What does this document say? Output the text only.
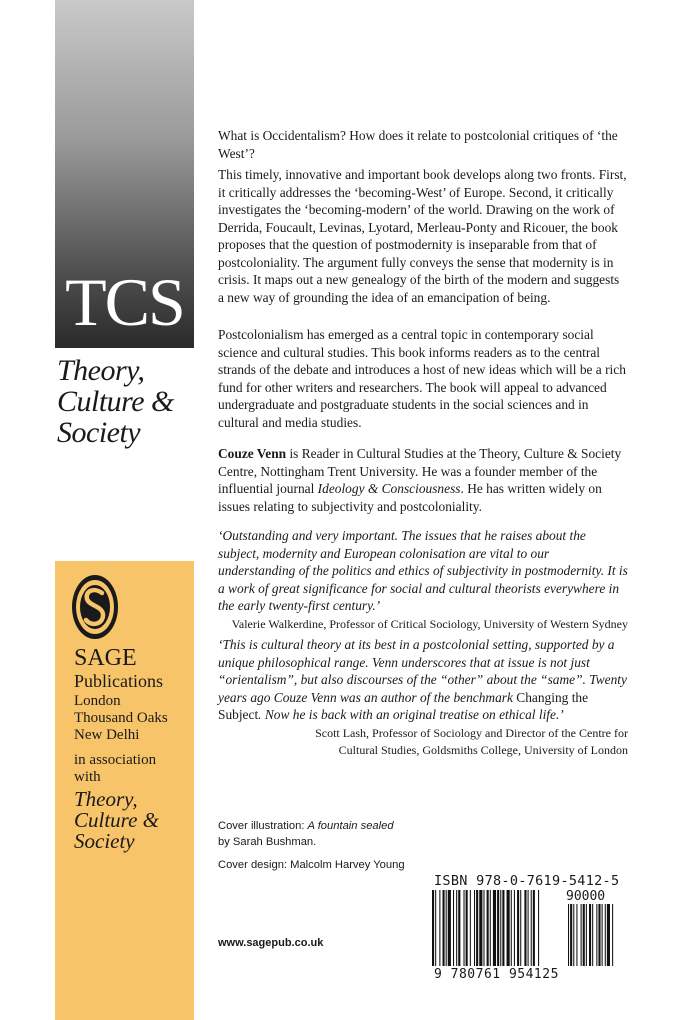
TCS
Theory,
Culture &
Society
SAGE
Publications
London
Thousand Oaks
New Delhi
in association
with
Theory,
Culture &
Society

What is Occidentalism? How does it relate to postcolonial critiques of ‘the West’?

This timely, innovative and important book develops along two fronts. First, it critically addresses the ‘becoming-West’ of Europe. Second, it critically investigates the ‘becoming-modern’ of the world. Drawing on the work of Derrida, Foucault, Levinas, Lyotard, Merleau-Ponty and Ricouer, the book proposes that the question of postmodernity is inseparable from that of postcoloniality. The argument fully conveys the sense that modernity is in crisis. It maps out a new genealogy of the birth of the modern and suggests a new way of grounding the idea of an emancipation of being.

Postcolonialism has emerged as a central topic in contemporary social science and cultural studies. This book informs readers as to the central strands of the debate and introduces a host of new ideas which will be a rich fund for other writers and researchers. The book will appeal to advanced undergraduate and postgraduate students in the social sciences and in cultural and media studies.

Couze Venn is Reader in Cultural Studies at the Theory, Culture & Society Centre, Nottingham Trent University. He was a founder member of the influential journal Ideology & Consciousness. He has written widely on issues relating to subjectivity and postcoloniality.

‘Outstanding and very important. The issues that he raises about the subject, modernity and European colonisation are vital to our understanding of the politics and ethics of subjectivity in postmodernity. It is a work of great significance for social and cultural theorists everywhere in the early twenty-first century.’

Valerie Walkerdine, Professor of Critical Sociology, University of Western Sydney

‘This is cultural theory at its best in a postcolonial setting, supported by a unique philosophical range. Venn underscores that at issue is not just “orientalism”, but also discourses of the “other” about the “same”. Twenty years ago Couze Venn was an author of the benchmark Changing the Subject. Now he is back with an original treatise on ethical life.’

Scott Lash, Professor of Sociology and Director of the Centre for
Cultural Studies, Goldsmiths College, University of London
Cover illustration: A fountain sealed
by Sarah Bushman.
Cover design: Malcolm Harvey Young
www.sagepub.co.uk
ISBN 978-0-7619-5412-5
90000
9 780761 954125
